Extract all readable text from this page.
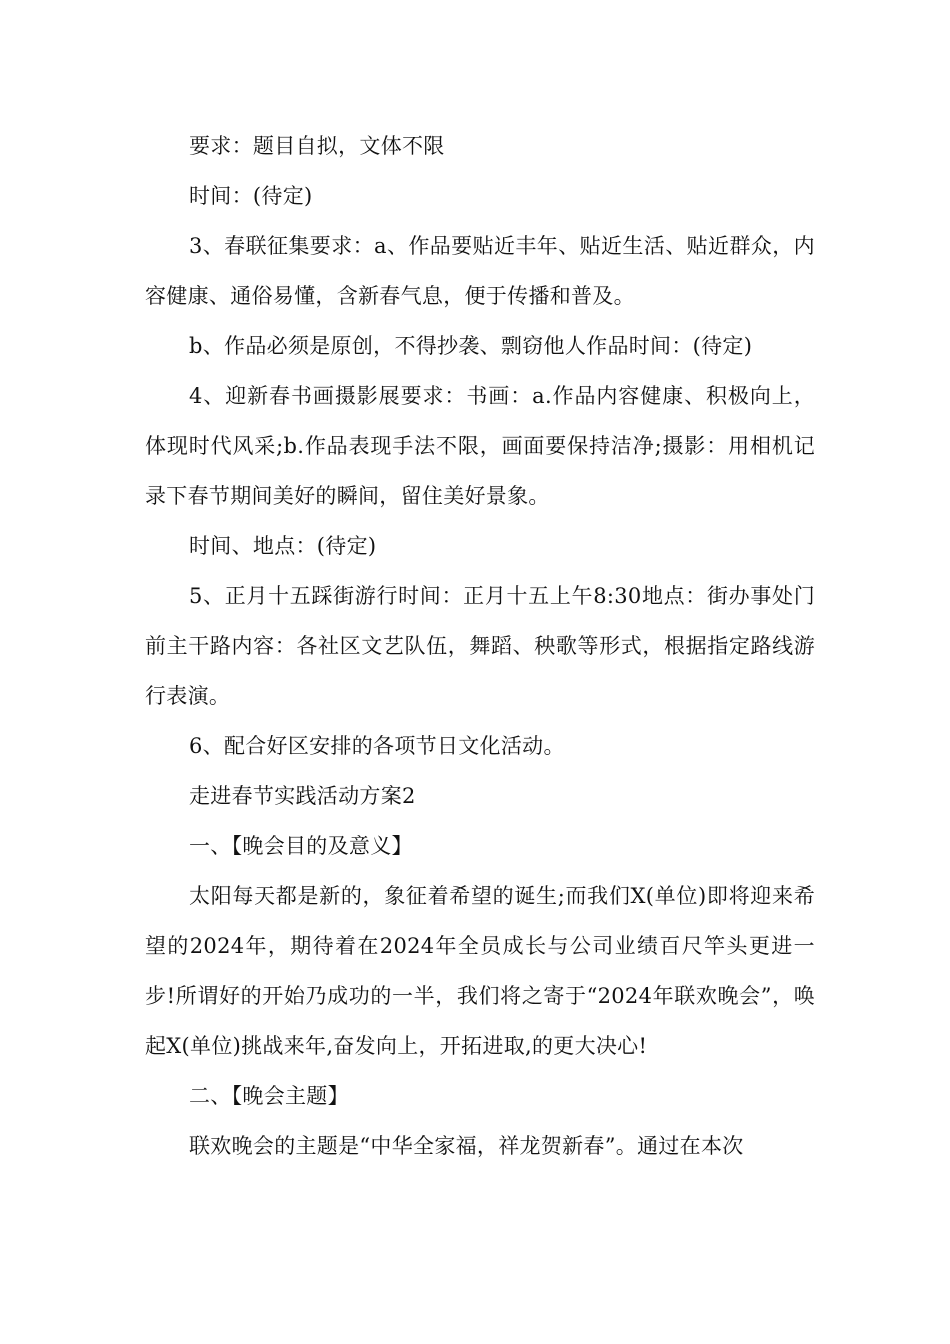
要求：题目自拟，文体不限

时间：(待定)

3、春联征集要求：a、作品要贴近丰年、贴近生活、贴近群众，内容健康、通俗易懂，含新春气息，便于传播和普及。

b、作品必须是原创，不得抄袭、剽窃他人作品时间：(待定)

4、迎新春书画摄影展要求：书画：a.作品内容健康、积极向上，体现时代风采;b.作品表现手法不限，画面要保持洁净;摄影：用相机记录下春节期间美好的瞬间，留住美好景象。

时间、地点：(待定)

5、正月十五踩街游行时间：正月十五上午8:30地点：街办事处门前主干路内容：各社区文艺队伍，舞蹈、秧歌等形式，根据指定路线游行表演。

6、配合好区安排的各项节日文化活动。

走进春节实践活动方案2

一、【晚会目的及意义】

太阳每天都是新的，象征着希望的诞生;而我们X(单位)即将迎来希望的2024年，期待着在2024年全员成长与公司业绩百尺竿头更进一步!所谓好的开始乃成功的一半，我们将之寄于“2024年联欢晚会”，唤起X(单位)挑战来年,奋发向上，开拓进取,的更大决心!

二、【晚会主题】

联欢晚会的主题是“中华全家福，祥龙贺新春”。通过在本次
